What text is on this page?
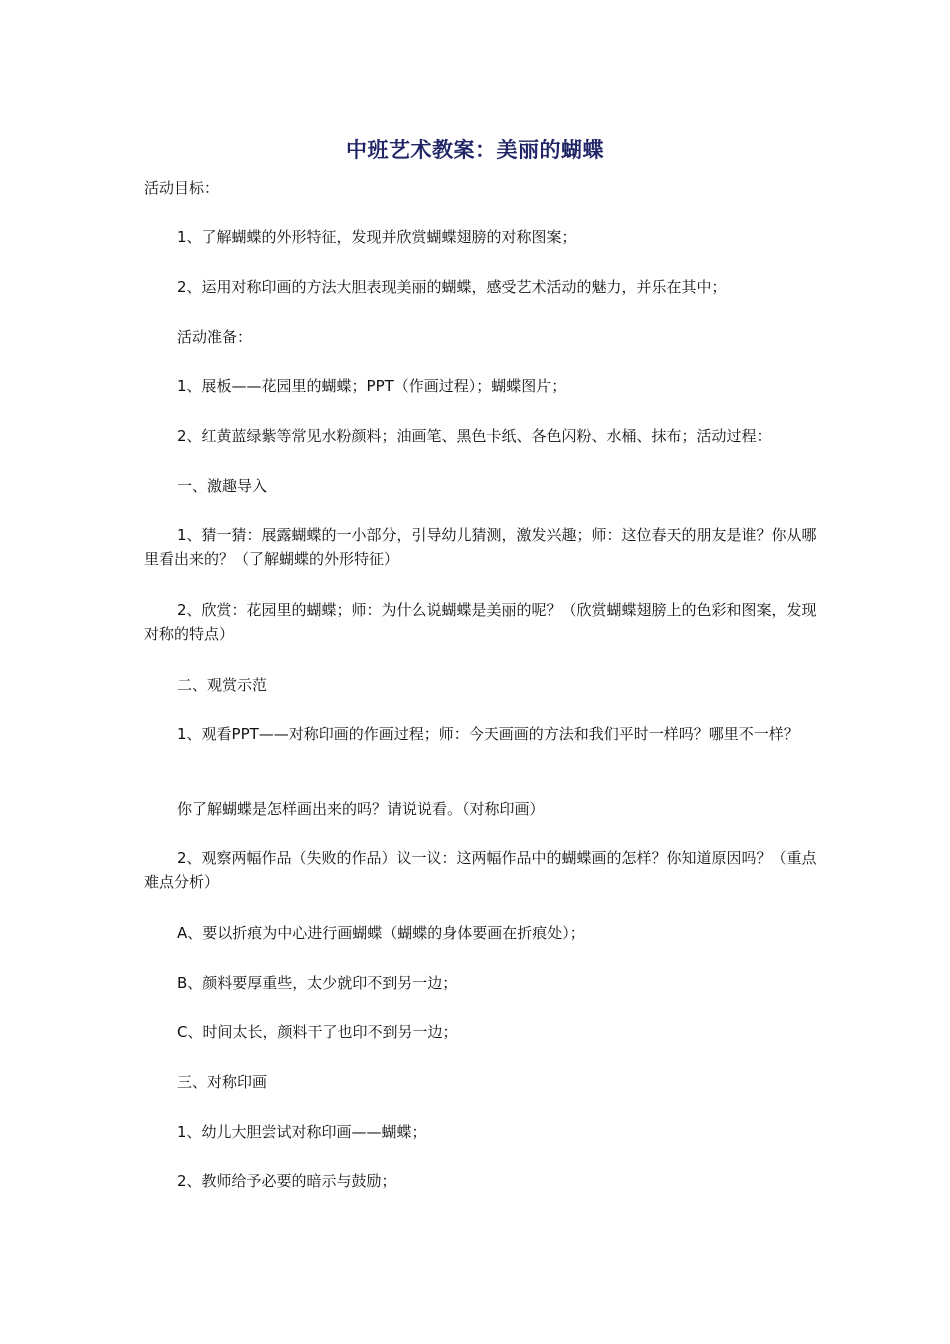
中班艺术教案：美丽的蝴蝶
活动目标：
1、了解蝴蝶的外形特征，发现并欣赏蝴蝶翅膀的对称图案；
2、运用对称印画的方法大胆表现美丽的蝴蝶，感受艺术活动的魅力，并乐在其中；
活动准备：
1、展板——花园里的蝴蝶；PPT（作画过程）；蝴蝶图片；
2、红黄蓝绿紫等常见水粉颜料；油画笔、黑色卡纸、各色闪粉、水桶、抹布；活动过程：
一、激趣导入
1、猜一猜：展露蝴蝶的一小部分，引导幼儿猜测，激发兴趣；师：这位春天的朋友是谁？你从哪里看出来的？（了解蝴蝶的外形特征）
2、欣赏：花园里的蝴蝶；师：为什么说蝴蝶是美丽的呢？（欣赏蝴蝶翅膀上的色彩和图案，发现对称的特点）
二、观赏示范
1、观看PPT——对称印画的作画过程；师：今天画画的方法和我们平时一样吗？哪里不一样？
你了解蝴蝶是怎样画出来的吗？请说说看。（对称印画）
2、观察两幅作品（失败的作品）议一议：这两幅作品中的蝴蝶画的怎样？你知道原因吗？（重点难点分析）
A、要以折痕为中心进行画蝴蝶（蝴蝶的身体要画在折痕处）；
B、颜料要厚重些，太少就印不到另一边；
C、时间太长，颜料干了也印不到另一边；
三、对称印画
1、幼儿大胆尝试对称印画——蝴蝶；
2、教师给予必要的暗示与鼓励；
